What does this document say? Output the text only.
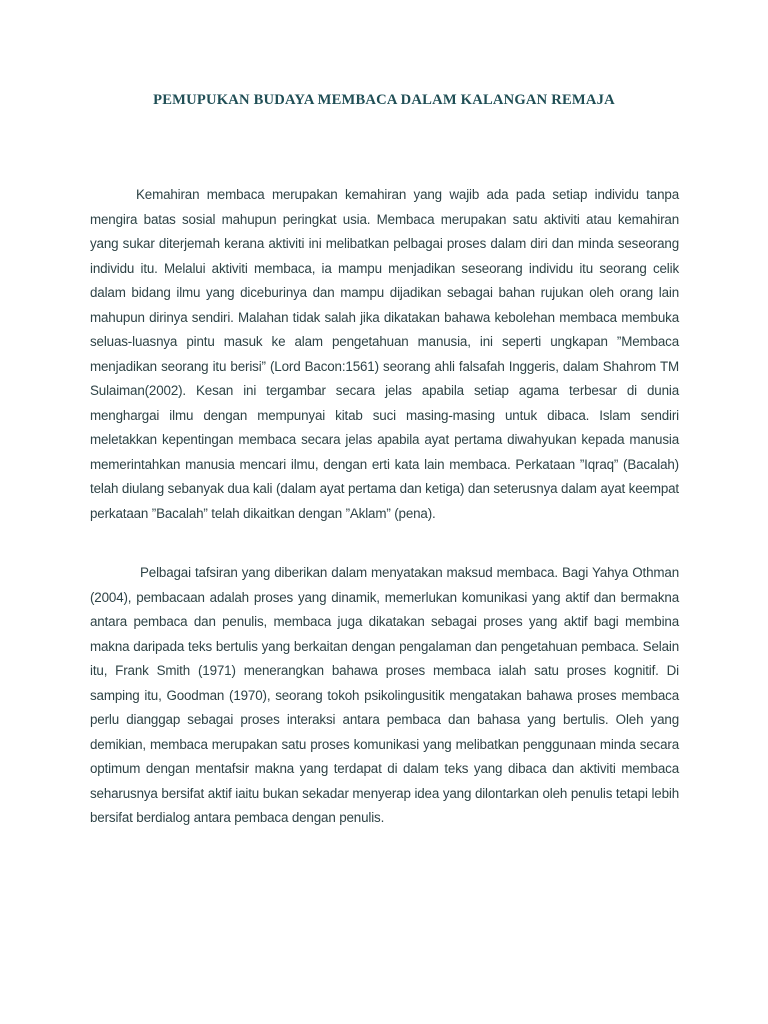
PEMUPUKAN BUDAYA MEMBACA DALAM KALANGAN REMAJA

Kemahiran membaca merupakan kemahiran yang wajib ada pada setiap individu tanpa mengira batas sosial mahupun peringkat usia. Membaca merupakan satu aktiviti atau kemahiran yang sukar diterjemah kerana aktiviti ini melibatkan pelbagai proses dalam diri dan minda seseorang individu itu. Melalui aktiviti membaca, ia mampu menjadikan seseorang individu itu seorang celik dalam bidang ilmu yang diceburinya dan mampu dijadikan sebagai bahan rujukan oleh orang lain mahupun dirinya sendiri. Malahan tidak salah jika dikatakan bahawa kebolehan membaca membuka seluas-luasnya pintu masuk ke alam pengetahuan manusia, ini seperti ungkapan ”Membaca menjadikan seorang itu berisi” (Lord Bacon:1561) seorang ahli falsafah Inggeris, dalam Shahrom TM Sulaiman(2002). Kesan ini tergambar secara jelas apabila setiap agama terbesar di dunia menghargai ilmu dengan mempunyai kitab suci masing-masing untuk dibaca. Islam sendiri meletakkan kepentingan membaca secara jelas apabila ayat pertama diwahyukan kepada manusia memerintahkan manusia mencari ilmu, dengan erti kata lain membaca. Perkataan ”Iqraq” (Bacalah) telah diulang sebanyak dua kali (dalam ayat pertama dan ketiga) dan seterusnya dalam ayat keempat perkataan ”Bacalah” telah dikaitkan dengan ”Aklam” (pena).

Pelbagai tafsiran yang diberikan dalam menyatakan maksud membaca. Bagi Yahya Othman (2004), pembacaan adalah proses yang dinamik, memerlukan komunikasi yang aktif dan bermakna antara pembaca dan penulis, membaca juga dikatakan sebagai proses yang aktif bagi membina makna daripada teks bertulis yang berkaitan dengan pengalaman dan pengetahuan pembaca. Selain itu, Frank Smith (1971) menerangkan bahawa proses membaca ialah satu proses kognitif. Di samping itu, Goodman (1970), seorang tokoh psikolingusitik mengatakan bahawa proses membaca perlu dianggap sebagai proses interaksi antara pembaca dan bahasa yang bertulis. Oleh yang demikian, membaca merupakan satu proses komunikasi yang melibatkan penggunaan minda secara optimum dengan mentafsir makna yang terdapat di dalam teks yang dibaca dan aktiviti membaca seharusnya bersifat aktif iaitu bukan sekadar menyerap idea yang dilontarkan oleh penulis tetapi lebih bersifat berdialog antara pembaca dengan penulis.
